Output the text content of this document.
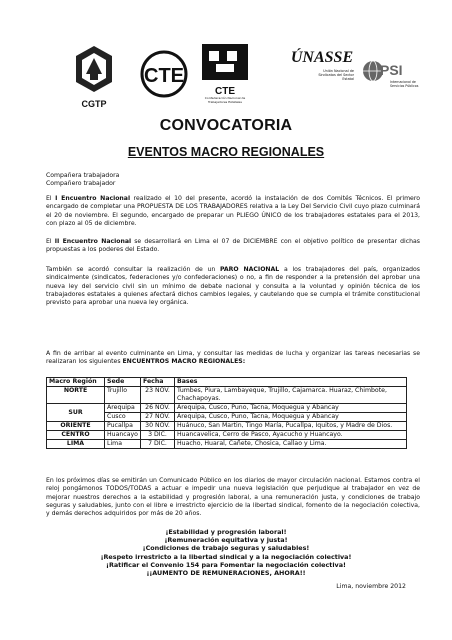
CGTP
CTE
CTE
Confederación Nacional de Trabajadores Estatales

ÚNASSE
Unión Nacional de Sindicatos del Sector Estatal
PSI
Internacional de Servicios Públicos
CONVOCATORIA
EVENTOS MACRO REGIONALES

Compañera trabajadora

Compañero trabajador

El I Encuentro Nacional realizado el 10 del presente, acordó la instalación de dos Comités Técnicos. El primero encargado de completar una PROPUESTA DE LOS TRABAJADORES relativa a la Ley Del Servicio Civil cuyo plazo culminará el 20 de noviembre. El segundo, encargado de preparar un PLIEGO ÚNICO de los trabajadores estatales para el 2013, con plazo al 05 de diciembre.

El II Encuentro Nacional se desarrollará en Lima el 07 de DICIEMBRE con el objetivo político de presentar dichas propuestas a los poderes del Estado.

También se acordó consultar la realización de un PARO NACIONAL a los trabajadores del país, organizados sindicalmente (sindicatos, federaciones y/o confederaciones) o no, a fin de responder a la pretensión del aprobar una nueva ley del servicio civil sin un mínimo de debate nacional y consulta a la voluntad y opinión técnica de los trabajadores estatales a quienes afectará dichos cambios legales, y cautelando que se cumpla el trámite constitucional previsto para aprobar una nueva ley orgánica.

A fin de arribar al evento culminante en Lima, y consultar las medidas de lucha y organizar las tareas necesarias se realizaran los siguientes ENCUENTROS MACRO REGIONALES:

Macro Región	Sede	Fecha	Bases
NORTE	Trujillo	23 NOV.	Tumbes, Piura, Lambayeque, Trujillo, Cajamarca. Huaraz, Chimbote, Chachapoyas.
SUR	Arequipa	26 NOV.	Arequipa, Cusco, Puno, Tacna, Moquegua y Abancay
	Cusco	27 NOV.	Arequipa, Cusco, Puno, Tacna, Moquegua y Abancay
ORIENTE	Pucallpa	30 NOV.	Huánuco, San Martin, Tingo María, Pucallpa, Iquitos, y Madre de Dios.
CENTRO	Huancayo	3 DIC.	Huancavelica, Cerro de Pasco, Ayacucho y Huancayo.
LIMA	Lima	7 DIC.	Huacho, Huaral, Cañete, Chosica, Callao y Lima.

En los próximos días se emitirán un Comunicado Público en los diarios de mayor circulación nacional. Estamos contra el reloj pongámonos TODOS/TODAS a actuar e impedir una nueva legislación que perjudique al trabajador en vez de mejorar nuestros derechos a la estabilidad y progresión laboral, a una remuneración justa, y condiciones de trabajo seguras y saludables, junto con el libre e irrestricto ejercicio de la libertad sindical, fomento de la negociación colectiva, y demás derechos adquiridos por más de 20 años.

¡Estabilidad y progresión laboral!
¡Remuneración equitativa y justa!
¡Condiciones de trabajo seguras y saludables!
¡Respeto irrestricto a la libertad sindical y a la negociación colectiva!
¡Ratificar el Convenio 154 para Fomentar la negociación colectiva!
¡¡AUMENTO DE REMUNERACIONES, AHORA!!
Lima, noviembre 2012
